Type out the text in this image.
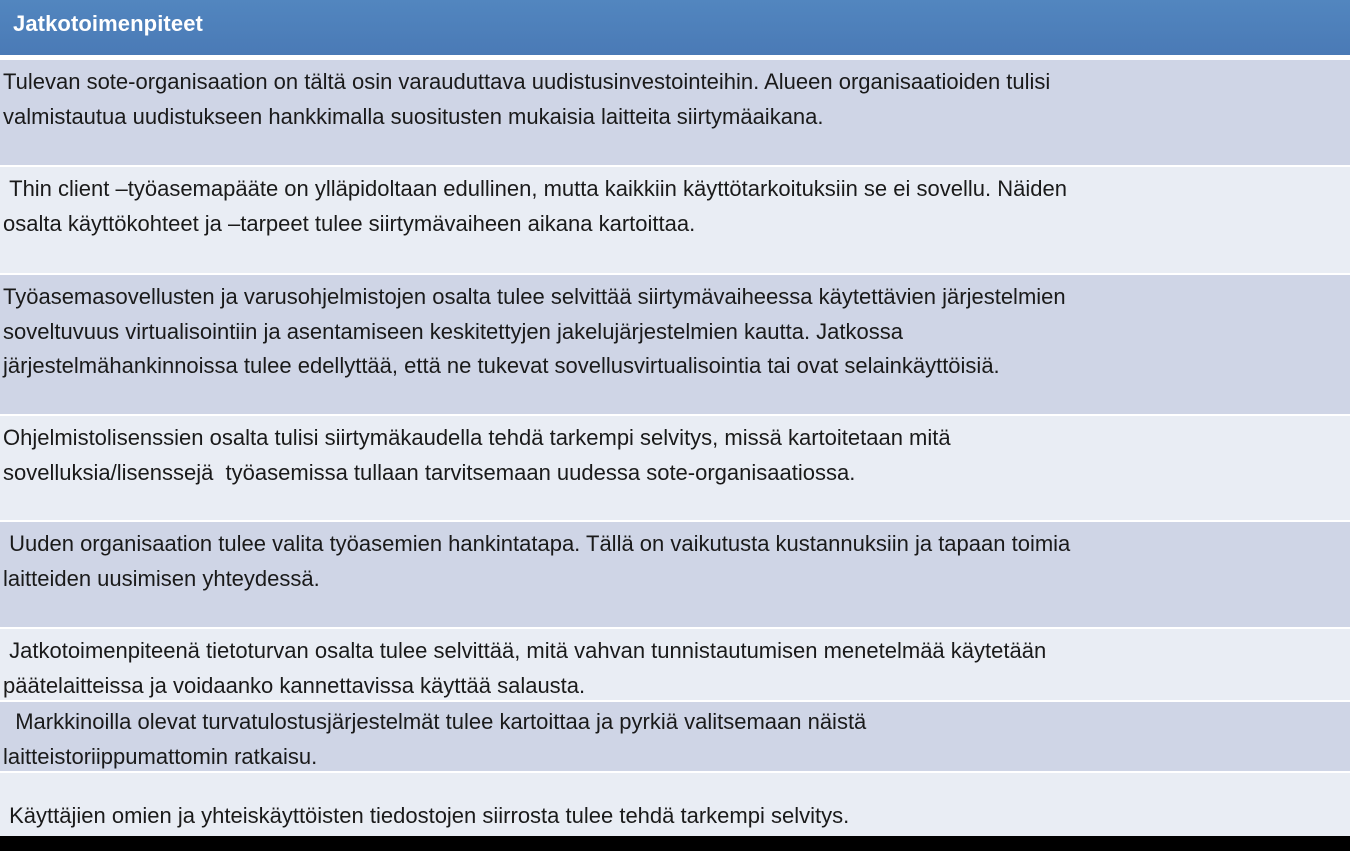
Jatkotoimenpiteet
Tulevan sote-organisaation on tältä osin varauduttava uudistusinvestointeihin. Alueen organisaatioiden tulisi
valmistautua uudistukseen hankkimalla suositusten mukaisia laitteita siirtymäaikana.
Thin client –työasemapääte on ylläpidoltaan edullinen, mutta kaikkiin käyttötarkoituksiin se ei sovellu. Näiden
osalta käyttökohteet ja –tarpeet tulee siirtymävaiheen aikana kartoittaa.
Työasemasovellusten ja varusohjelmistojen osalta tulee selvittää siirtymävaiheessa käytettävien järjestelmien
soveltuvuus virtualisointiin ja asentamiseen keskitettyjen jakelujärjestelmien kautta. Jatkossa
järjestelmähankinnoissa tulee edellyttää, että ne tukevat sovellusvirtualisointia tai ovat selainkäyttöisiä.
Ohjelmistolisenssien osalta tulisi siirtymäkaudella tehdä tarkempi selvitys, missä kartoitetaan mitä
sovelluksia/lisenssejä  työasemissa tullaan tarvitsemaan uudessa sote-organisaatiossa.
Uuden organisaation tulee valita työasemien hankintatapa. Tällä on vaikutusta kustannuksiin ja tapaan toimia
laitteiden uusimisen yhteydessä.
Jatkotoimenpiteenä tietoturvan osalta tulee selvittää, mitä vahvan tunnistautumisen menetelmää käytetään
päätelaitteissa ja voidaanko kannettavissa käyttää salausta.
Markkinoilla olevat turvatulostusjärjestelmät tulee kartoittaa ja pyrkiä valitsemaan näistä
laitteistoriippumattomin ratkaisu.
Käyttäjien omien ja yhteiskäyttöisten tiedostojen siirrosta tulee tehdä tarkempi selvitys.
